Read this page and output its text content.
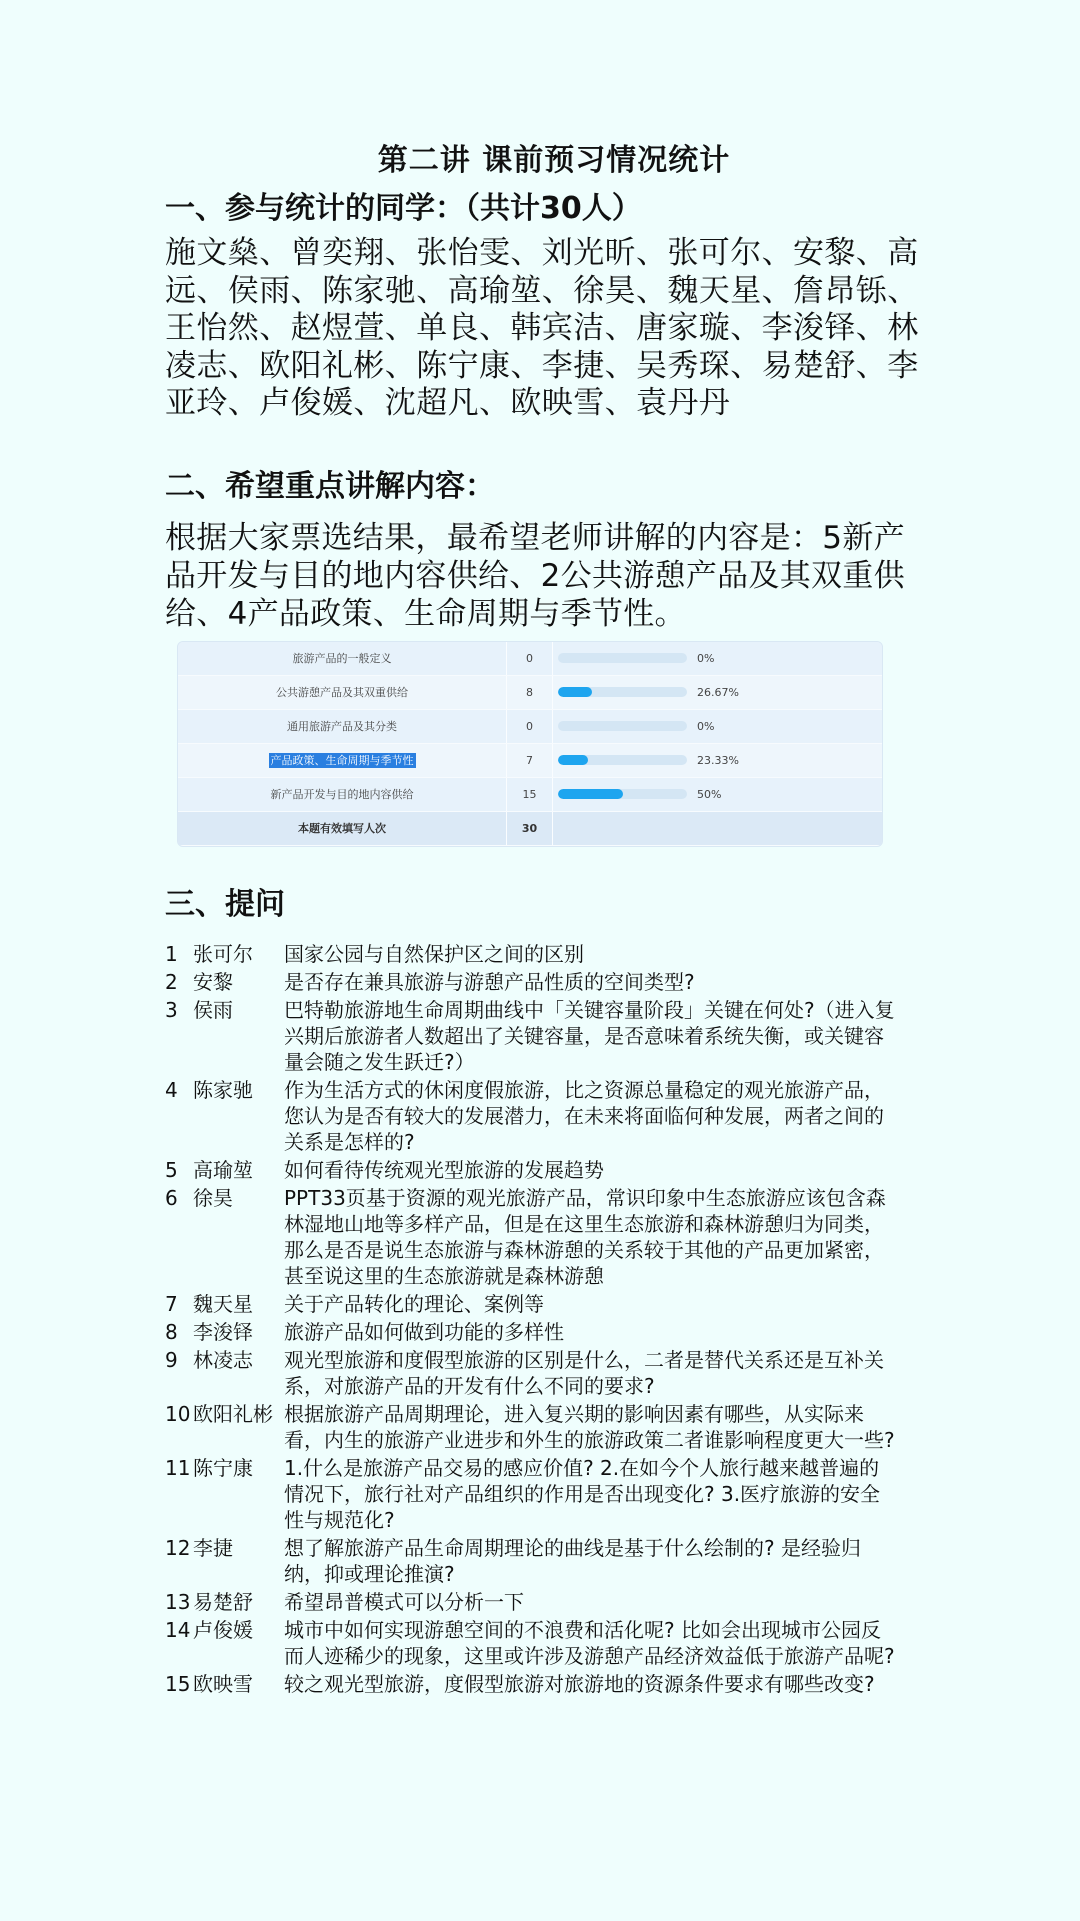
第二讲 课前预习情况统计
一、参与统计的同学：（共计30人）

施文燊、曾奕翔、张怡雯、刘光昕、张可尔、安黎、高远、侯雨、陈家驰、高瑜堃、徐昊、魏天星、詹昂铄、王怡然、赵煜萱、单良、韩宾洁、唐家璇、李浚铎、林凌志、欧阳礼彬、陈宁康、李捷、吴秀琛、易楚舒、李亚玲、卢俊媛、沈超凡、欧映雪、袁丹丹

二、希望重点讲解内容：

根据大家票选结果，最希望老师讲解的内容是：5新产品开发与目的地内容供给、2公共游憩产品及其双重供给、4产品政策、生命周期与季节性。

旅游产品的一般定义	0	0%
公共游憩产品及其双重供给	8	26.67%
通用旅游产品及其分类	0	0%
产品政策、生命周期与季节性	7	23.33%
新产品开发与目的地内容供给	15	50%
本题有效填写人次	30
三、提问
1 张可尔	国家公园与自然保护区之间的区别
2 安黎	是否存在兼具旅游与游憩产品性质的空间类型?
3 侯雨	巴特勒旅游地生命周期曲线中「关键容量阶段」关键在何处?（进入复兴期后旅游者人数超出了关键容量，是否意味着系统失衡，或关键容量会随之发生跃迁?）
4 陈家驰	作为生活方式的休闲度假旅游，比之资源总量稳定的观光旅游产品，您认为是否有较大的发展潜力，在未来将面临何种发展，两者之间的关系是怎样的?
5 高瑜堃	如何看待传统观光型旅游的发展趋势
6 徐昊	PPT33页基于资源的观光旅游产品，常识印象中生态旅游应该包含森林湿地山地等多样产品，但是在这里生态旅游和森林游憩归为同类，那么是否是说生态旅游与森林游憩的关系较于其他的产品更加紧密，甚至说这里的生态旅游就是森林游憩
7 魏天星	关于产品转化的理论、案例等
8 李浚铎	旅游产品如何做到功能的多样性
9 林凌志	观光型旅游和度假型旅游的区别是什么，二者是替代关系还是互补关系，对旅游产品的开发有什么不同的要求?
10 欧阳礼彬 根据旅游产品周期理论，进入复兴期的影响因素有哪些，从实际来看，内生的旅游产业进步和外生的旅游政策二者谁影响程度更大一些?
11 陈宁康	1.什么是旅游产品交易的感应价值? 2.在如今个人旅行越来越普遍的情况下，旅行社对产品组织的作用是否出现变化? 3.医疗旅游的安全性与规范化?
12 李捷	想了解旅游产品生命周期理论的曲线是基于什么绘制的? 是经验归纳，抑或理论推演?
13 易楚舒	希望昂普模式可以分析一下
14 卢俊媛	城市中如何实现游憩空间的不浪费和活化呢? 比如会出现城市公园反而人迹稀少的现象，这里或许涉及游憩产品经济效益低于旅游产品呢?
15 欧映雪	较之观光型旅游，度假型旅游对旅游地的资源条件要求有哪些改变?
